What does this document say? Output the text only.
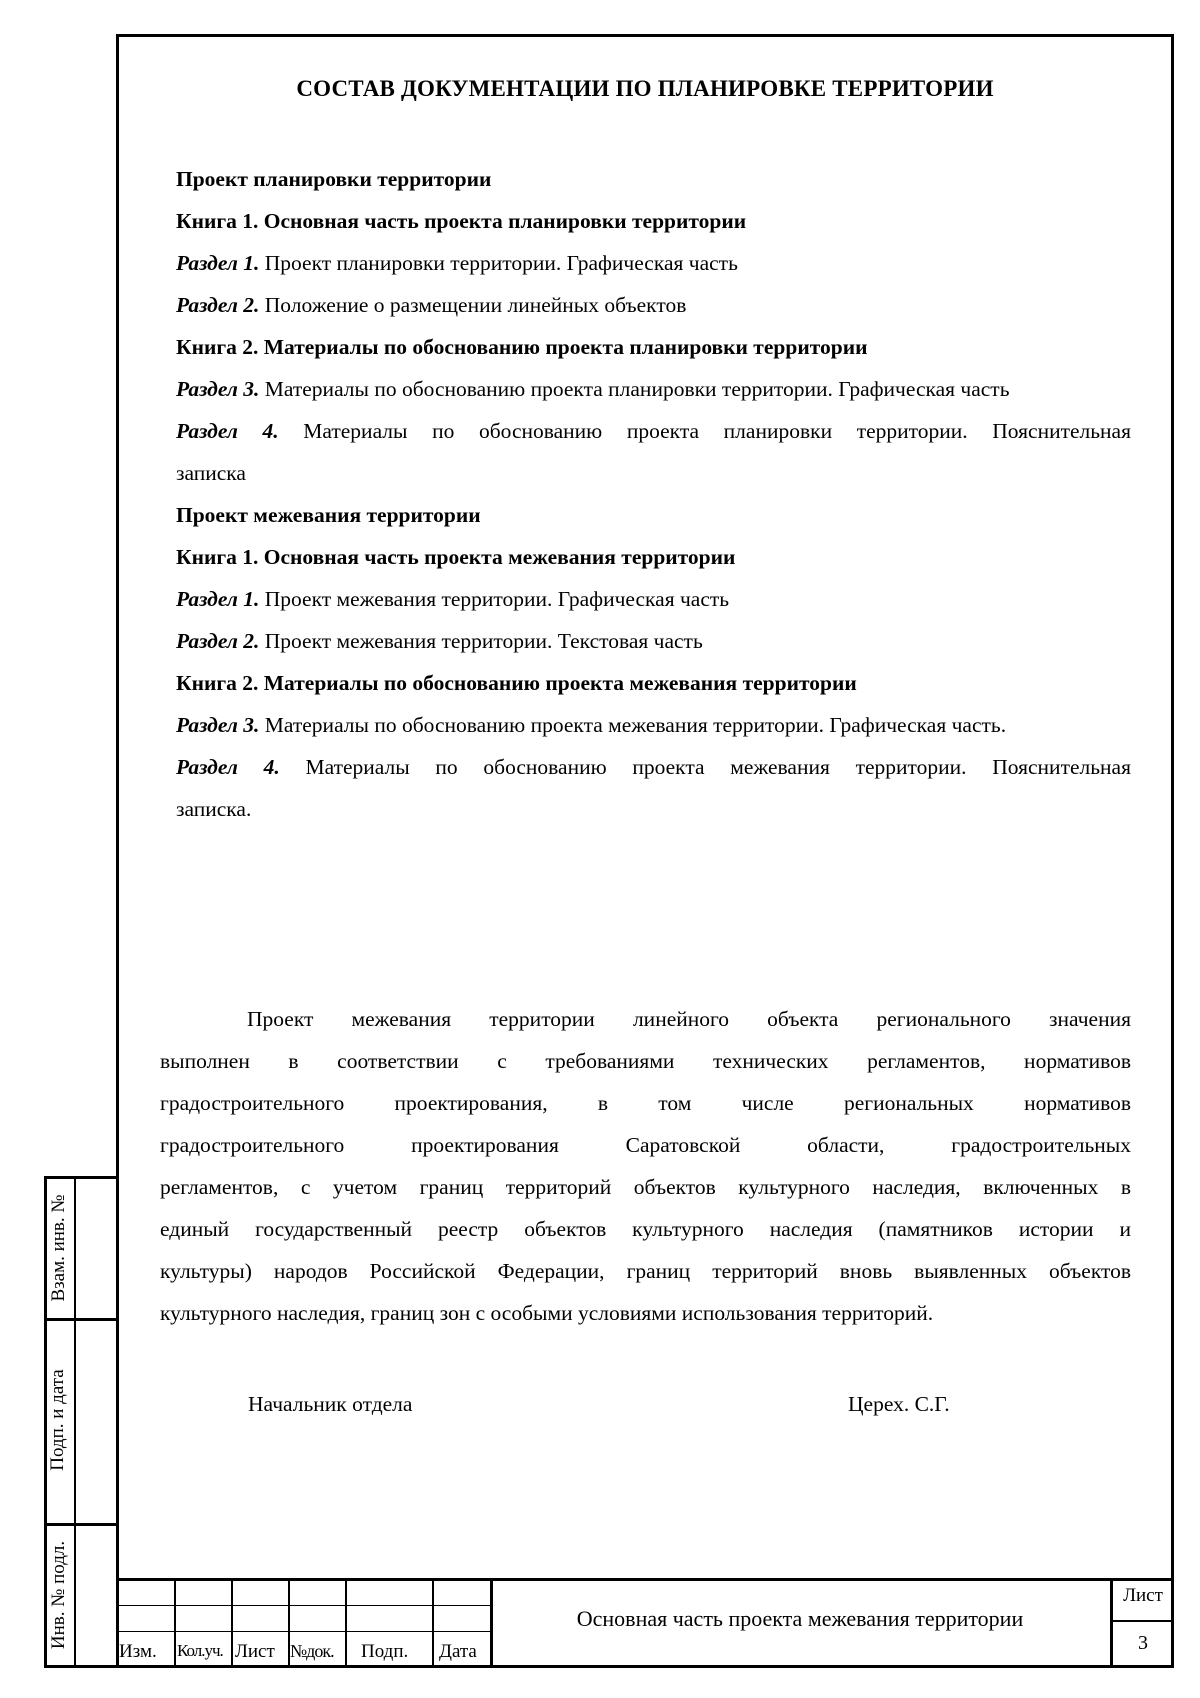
СОСТАВ ДОКУМЕНТАЦИИ ПО ПЛАНИРОВКЕ ТЕРРИТОРИИ
Проект планировки территории
Книга 1. Основная часть проекта планировки территории
Раздел 1. Проект планировки территории. Графическая часть
Раздел 2. Положение о размещении линейных объектов
Книга 2. Материалы по обоснованию проекта планировки территории
Раздел 3. Материалы по обоснованию проекта планировки территории. Графическая часть
Раздел 4. Материалы по обоснованию проекта планировки территории. Пояснительная
записка
Проект межевания территории
Книга 1. Основная часть проекта межевания территории
Раздел 1. Проект межевания территории. Графическая часть
Раздел 2. Проект межевания территории. Текстовая часть
Книга 2. Материалы по обоснованию проекта межевания территории
Раздел 3. Материалы по обоснованию проекта межевания территории. Графическая часть.
Раздел 4. Материалы по обоснованию проекта межевания территории. Пояснительная
записка.
Проект межевания территории линейного объекта регионального значения
выполнен в соответствии с требованиями технических регламентов, нормативов
градостроительного проектирования, в том числе региональных нормативов
градостроительного проектирования Саратовской области, градостроительных
регламентов, с учетом границ территорий объектов культурного наследия, включенных в
единый государственный реестр объектов культурного наследия (памятников истории и
культуры) народов Российской Федерации, границ территорий вновь выявленных объектов
культурного наследия, границ зон с особыми условиями использования территорий.
Начальник отдела	Церех. С.Г.
Изм. Кол.уч. Лист №док. Подп. Дата
Основная часть проекта межевания территории
Лист
3
Взам. инв. №
Подп. и дата
Инв. № подл.
